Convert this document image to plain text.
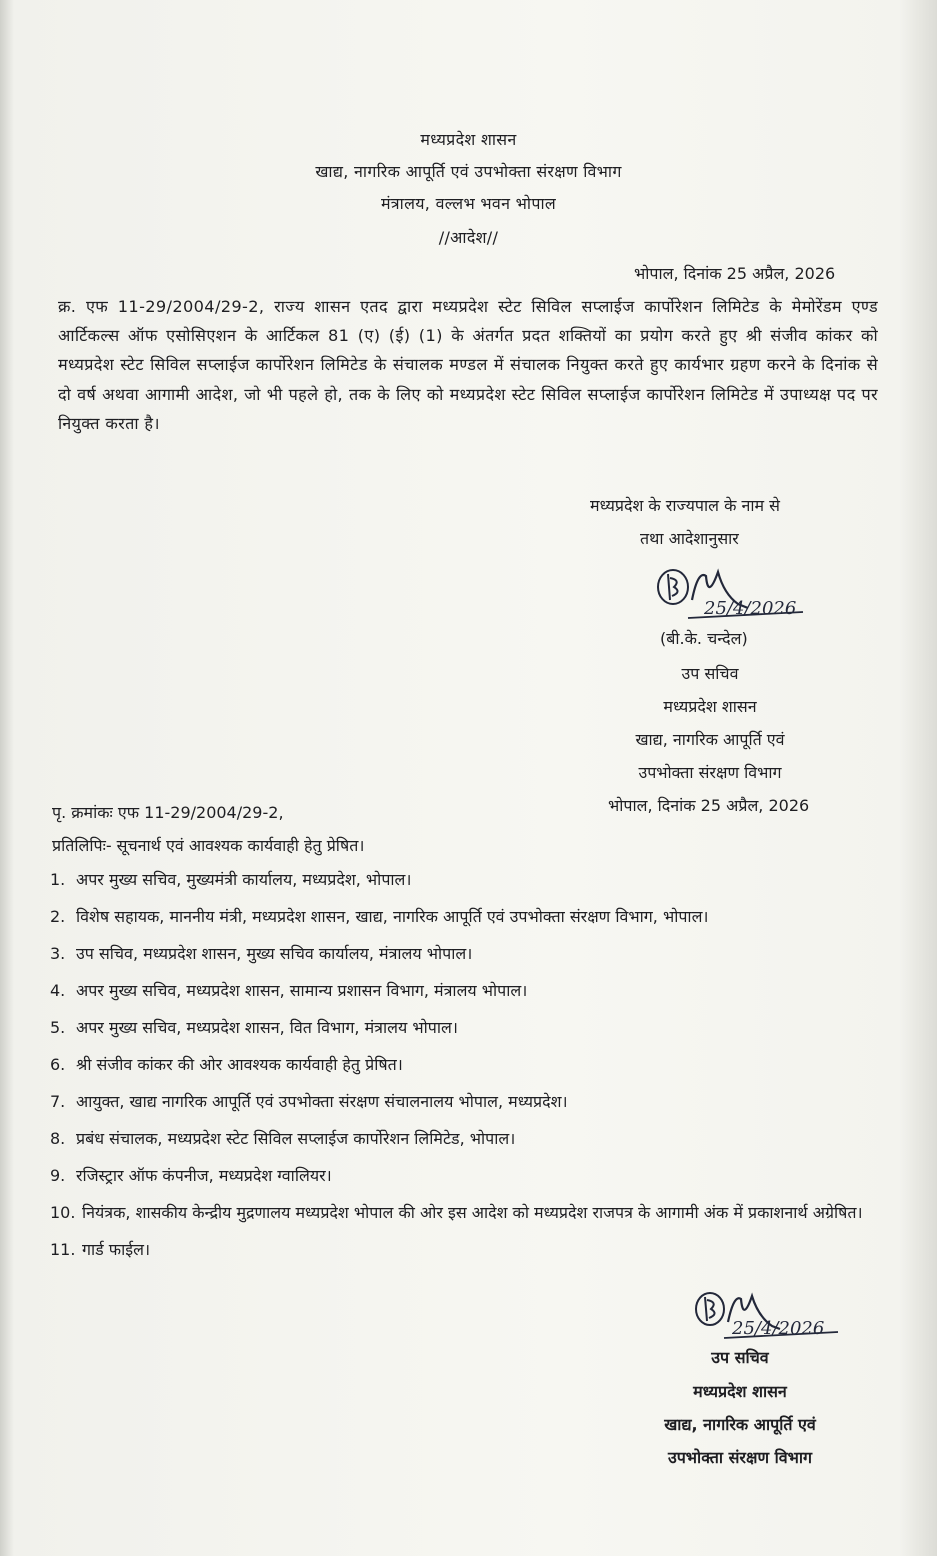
मध्यप्रदेश शासन
खाद्य, नागरिक आपूर्ति एवं उपभोक्ता संरक्षण विभाग
मंत्रालय, वल्लभ भवन भोपाल
//आदेश//
भोपाल, दिनांक 25 अप्रैल, 2026
क्र. एफ 11-29/2004/29-2, राज्य शासन एतद द्वारा मध्यप्रदेश स्टेट सिविल सप्लाईज कार्पोरेशन लिमिटेड के मेमोरेंडम एण्ड आर्टिकल्स ऑफ एसोसिएशन के आर्टिकल 81 (ए) (ई) (1) के अंतर्गत प्रदत शक्तियों का प्रयोग करते हुए श्री संजीव कांकर को मध्यप्रदेश स्टेट सिविल सप्लाईज कार्पोरेशन लिमिटेड के संचालक मण्डल में संचालक नियुक्त करते हुए कार्यभार ग्रहण करने के दिनांक से दो वर्ष अथवा आगामी आदेश, जो भी पहले हो, तक के लिए को मध्यप्रदेश स्टेट सिविल सप्लाईज कार्पोरेशन लिमिटेड में उपाध्यक्ष पद पर नियुक्त करता है।
मध्यप्रदेश के राज्यपाल के नाम से
तथा आदेशानुसार
25/4/2026
(बी.के. चन्देल)
उप सचिव
मध्यप्रदेश शासन
खाद्य, नागरिक आपूर्ति एवं
उपभोक्ता संरक्षण विभाग
भोपाल, दिनांक 25 अप्रैल, 2026
पृ. क्रमांकः एफ 11-29/2004/29-2,
प्रतिलिपिः- सूचनार्थ एवं आवश्यक कार्यवाही हेतु प्रेषित।
1. अपर मुख्य सचिव, मुख्यमंत्री कार्यालय, मध्यप्रदेश, भोपाल।
2. विशेष सहायक, माननीय मंत्री, मध्यप्रदेश शासन, खाद्य, नागरिक आपूर्ति एवं उपभोक्ता संरक्षण विभाग, भोपाल।
3. उप सचिव, मध्यप्रदेश शासन, मुख्य सचिव कार्यालय, मंत्रालय भोपाल।
4. अपर मुख्य सचिव, मध्यप्रदेश शासन, सामान्य प्रशासन विभाग, मंत्रालय भोपाल।
5. अपर मुख्य सचिव, मध्यप्रदेश शासन, वित विभाग, मंत्रालय भोपाल।
6. श्री संजीव कांकर की ओर आवश्यक कार्यवाही हेतु प्रेषित।
7. आयुक्त, खाद्य नागरिक आपूर्ति एवं उपभोक्ता संरक्षण संचालनालय भोपाल, मध्यप्रदेश।
8. प्रबंध संचालक, मध्यप्रदेश स्टेट सिविल सप्लाईज कार्पोरेशन लिमिटेड, भोपाल।
9. रजिस्ट्रार ऑफ कंपनीज, मध्यप्रदेश ग्वालियर।
10. नियंत्रक, शासकीय केन्द्रीय मुद्रणालय मध्यप्रदेश भोपाल की ओर इस आदेश को मध्यप्रदेश राजपत्र के आगामी अंक में प्रकाशनार्थ अग्रेषित।
11. गार्ड फाईल।
25/4/2026
उप सचिव
मध्यप्रदेश शासन
खाद्य, नागरिक आपूर्ति एवं
उपभोक्ता संरक्षण विभाग
